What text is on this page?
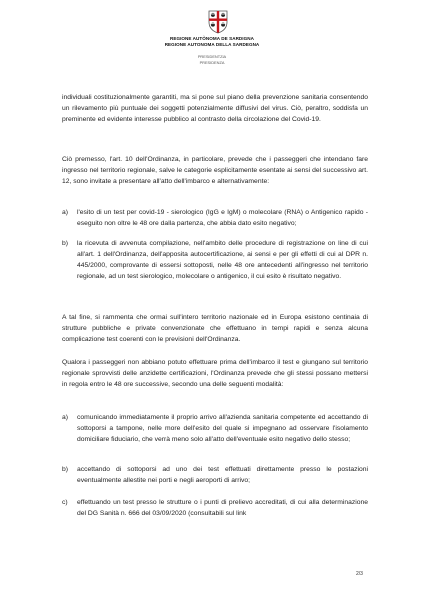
REGIONE AUTÒNOMA DE SARDIGNA
REGIONE AUTONOMA DELLA SARDEGNA
PRESIDENTZIA
PRESIDENZA
individuali costituzionalmente garantiti, ma si pone sul piano della prevenzione sanitaria consentendo un rilevamento più puntuale dei soggetti potenzialmente diffusivi del virus. Ciò, peraltro, soddisfa un preminente ed evidente interesse pubblico al contrasto della circolazione del Covid-19.
Ciò premesso, l'art. 10 dell'Ordinanza, in particolare, prevede che i passeggeri che intendano fare ingresso nel territorio regionale, salve le categorie esplicitamente esentate ai sensi del successivo art. 12, sono invitate a presentare all'atto dell'imbarco e alternativamente:
a)	l'esito di un test per covid-19 - sierologico (IgG e IgM) o molecolare (RNA) o Antigenico rapido - eseguito non oltre le 48 ore dalla partenza, che abbia dato esito negativo;
b)	la ricevuta di avvenuta compilazione, nell'ambito delle procedure di registrazione on line di cui all'art. 1 dell'Ordinanza, dell'apposita autocertificazione, ai sensi e per gli effetti di cui al DPR n. 445/2000, comprovante di essersi sottoposti, nelle 48 ore antecedenti all'ingresso nel territorio regionale, ad un test sierologico, molecolare o antigenico, il cui esito è risultato negativo.
A tal fine, si rammenta che ormai sull'intero territorio nazionale ed in Europa esistono centinaia di strutture pubbliche e private convenzionate che effettuano in tempi rapidi e senza alcuna complicazione test coerenti con le previsioni dell'Ordinanza.
Qualora i passeggeri non abbiano potuto effettuare prima dell'imbarco il test e giungano sul territorio regionale sprovvisti delle anzidette certificazioni, l'Ordinanza prevede che gli stessi possano mettersi in regola entro le 48 ore successive, secondo una delle seguenti modalità:
a)	comunicando immediatamente il proprio arrivo all'azienda sanitaria competente ed accettando di sottoporsi a tampone, nelle more dell'esito del quale si impegnano ad osservare l'isolamento domiciliare fiduciario, che verrà meno solo all'atto dell'eventuale esito negativo dello stesso;
b)	accettando di sottoporsi ad uno dei test effettuati direttamente presso le postazioni eventualmente allestite nei porti e negli aeroporti di arrivo;
c)	effettuando un test presso le strutture o i punti di prelievo accreditati, di cui alla determinazione del DG Sanità n. 666 del 03/09/2020 (consultabili sul link
2/3
